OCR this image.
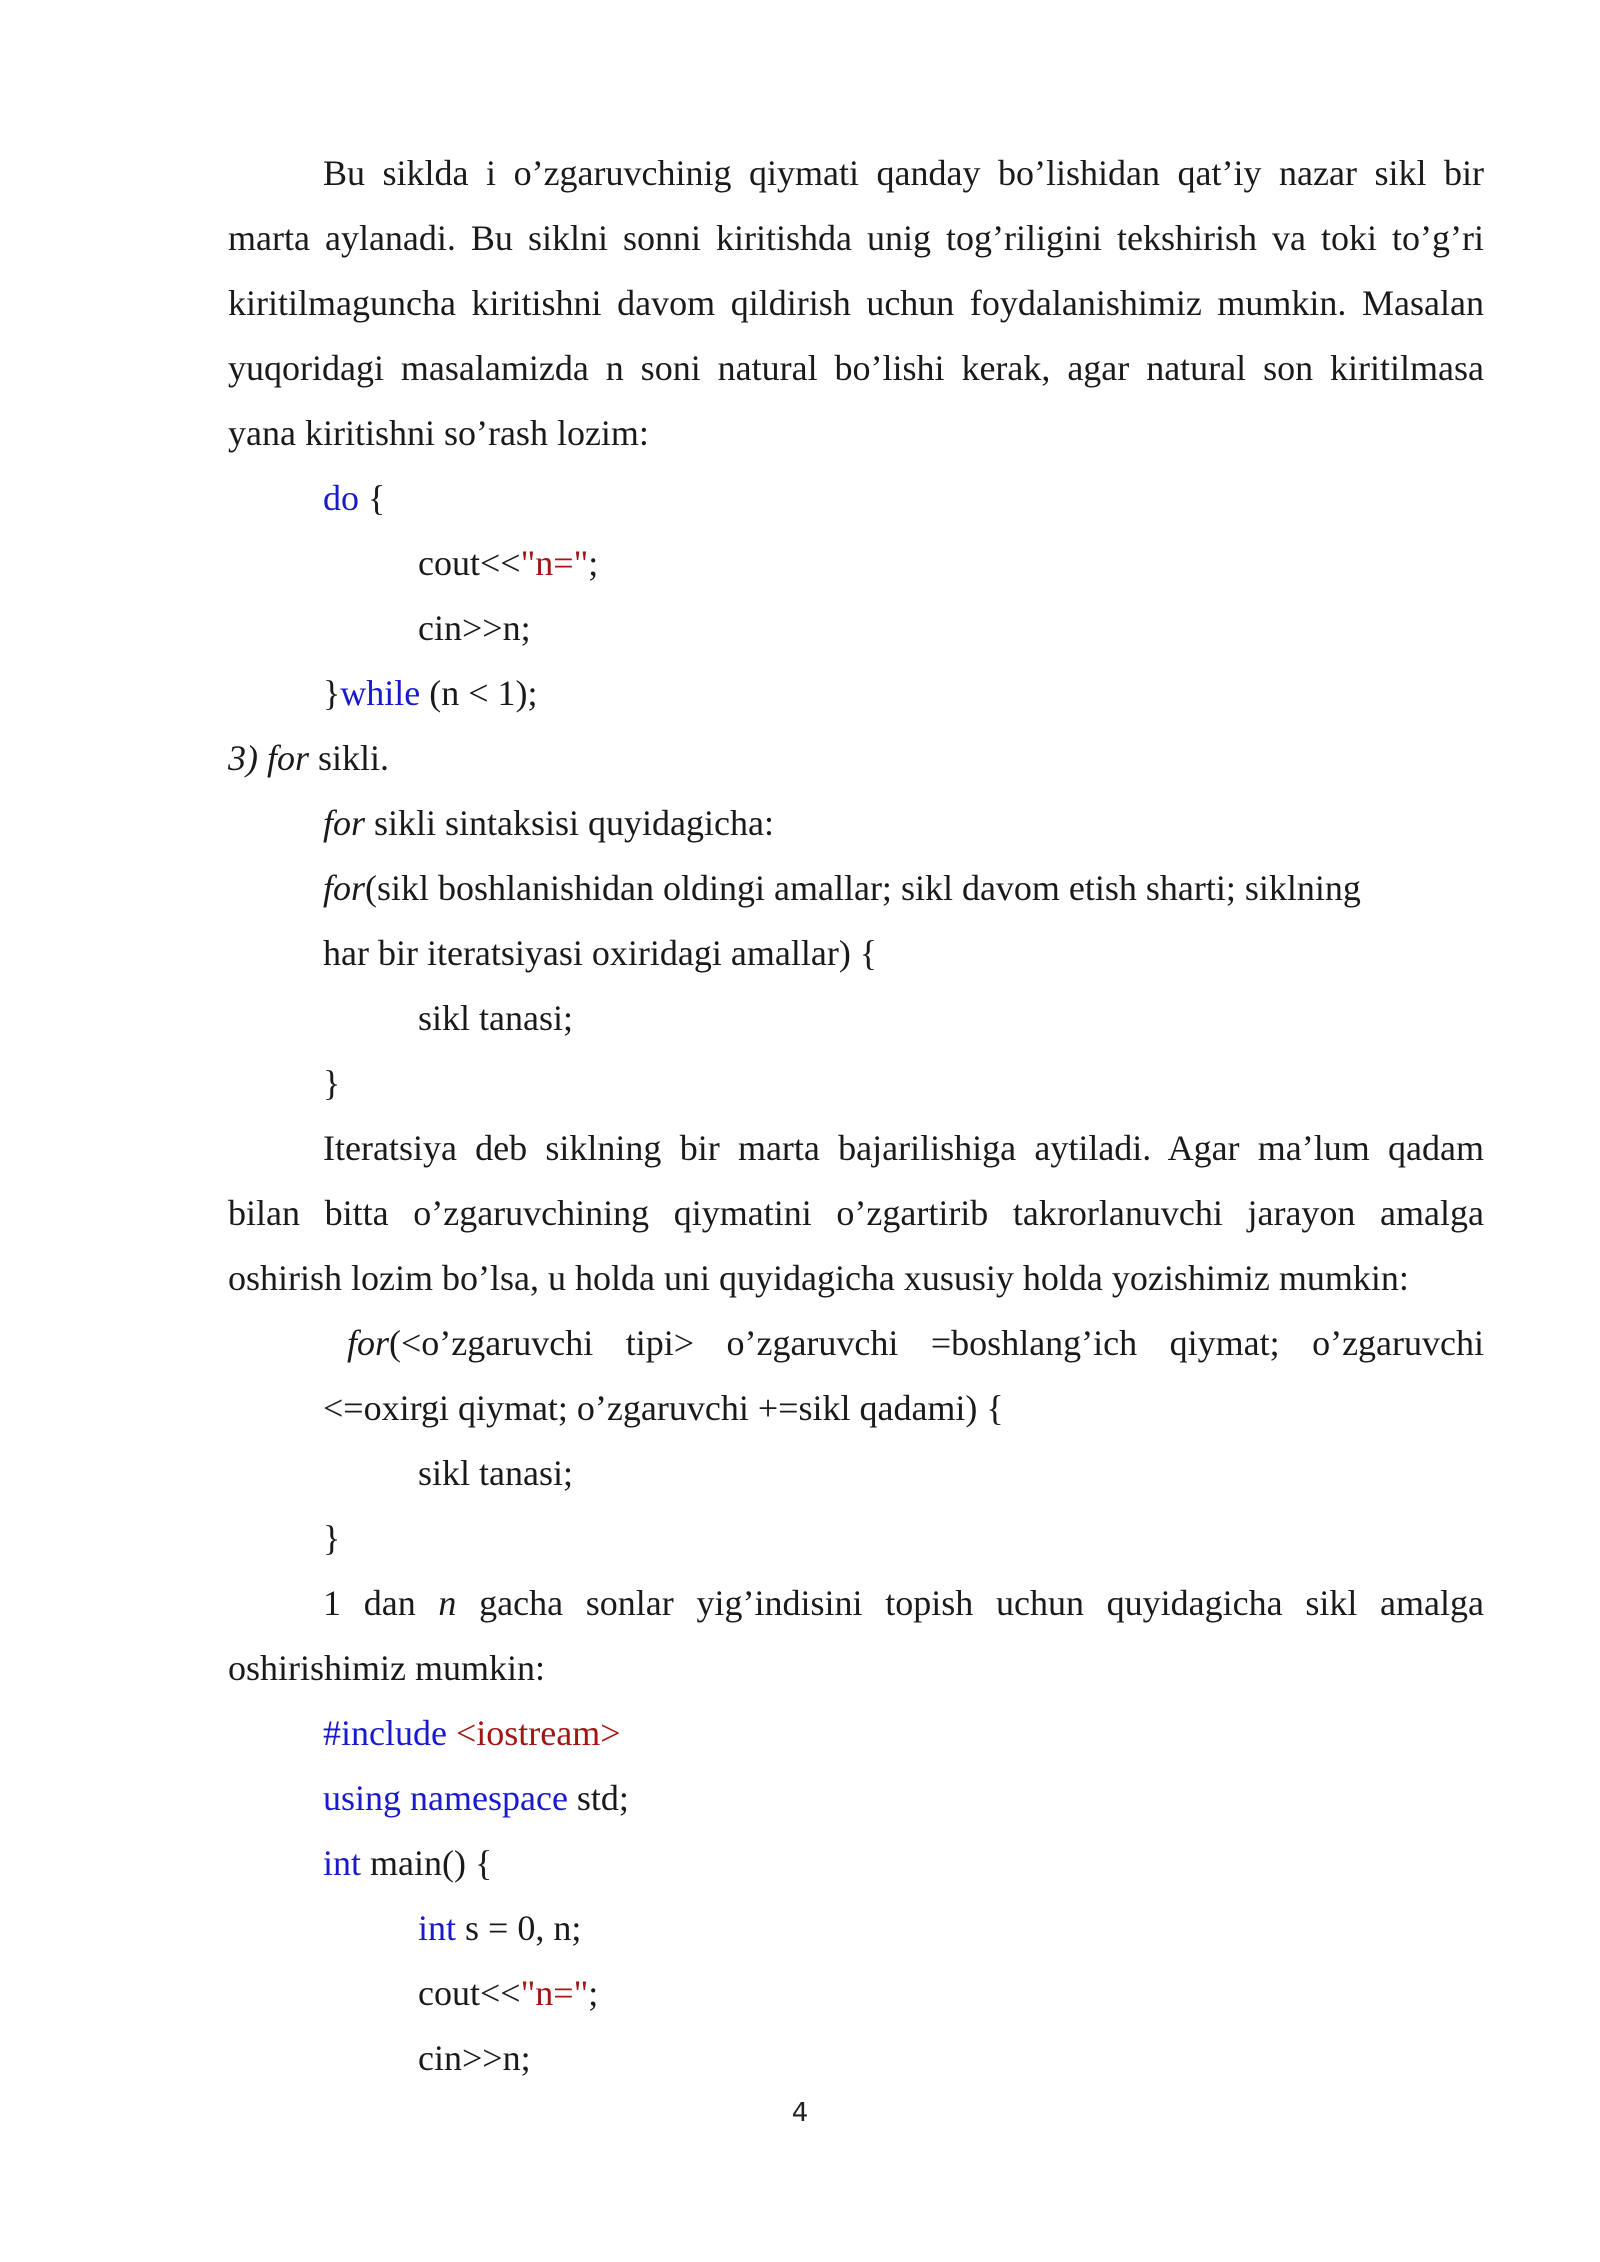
Bu siklda i o’zgaruvchinig qiymati qanday bo’lishidan qat’iy nazar sikl bir
marta aylanadi. Bu siklni sonni kiritishda unig tog’riligini tekshirish va toki to’g’ri
kiritilmaguncha kiritishni davom qildirish uchun foydalanishimiz mumkin. Masalan
yuqoridagi masalamizda n soni natural bo’lishi kerak, agar natural son kiritilmasa
yana kiritishni so’rash lozim:
do {
cout<<"n=";
cin>>n;
}while (n < 1);
3) for sikli.
for sikli sintaksisi quyidagicha:
for(sikl boshlanishidan oldingi amallar; sikl davom etish sharti; siklning
har bir iteratsiyasi oxiridagi amallar) {
sikl tanasi;
}
Iteratsiya deb siklning bir marta bajarilishiga aytiladi. Agar ma’lum qadam
bilan bitta o’zgaruvchining qiymatini o’zgartirib takrorlanuvchi jarayon amalga
oshirish lozim bo’lsa, u holda uni quyidagicha xususiy holda yozishimiz mumkin:
for(<o’zgaruvchi tipi> o’zgaruvchi =boshlang’ich qiymat; o’zgaruvchi
<=oxirgi qiymat; o’zgaruvchi +=sikl qadami) {
sikl tanasi;
}
1 dan n gacha sonlar yig’indisini topish uchun quyidagicha sikl amalga
oshirishimiz mumkin:
#include <iostream>
using namespace std;
int main() {
int s = 0, n;
cout<<"n=";
cin>>n;
4
